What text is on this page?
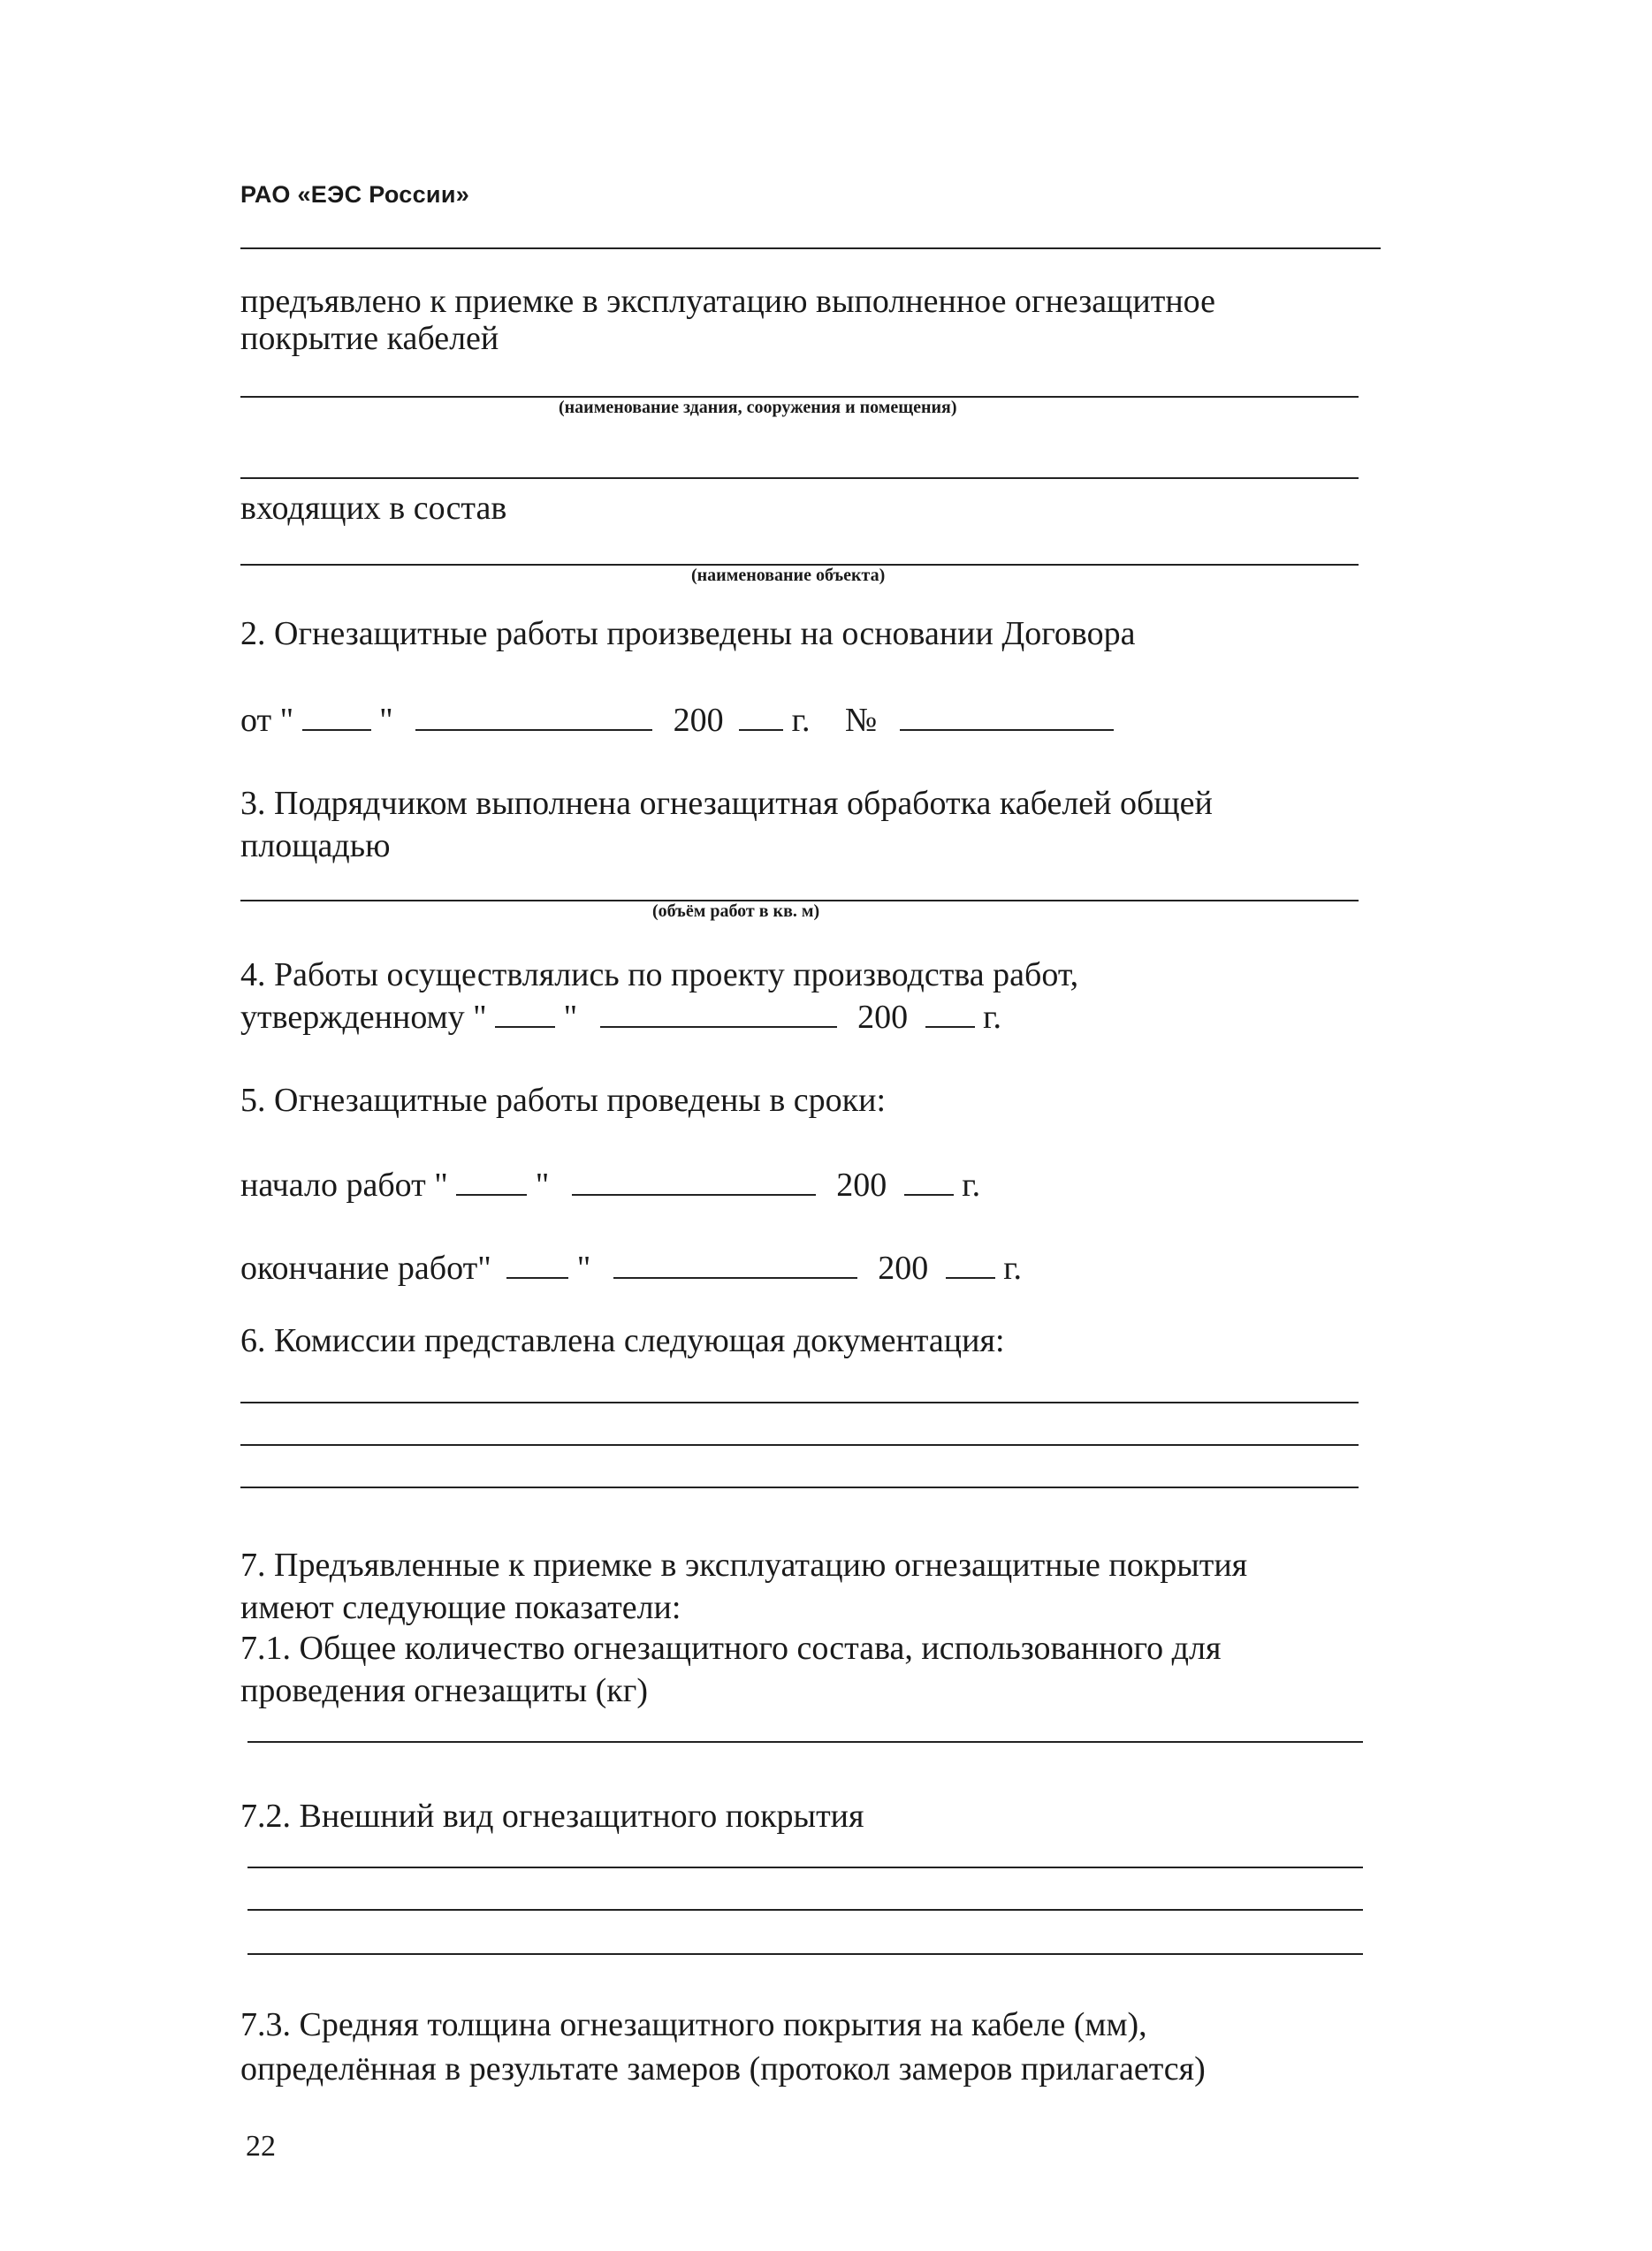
РАО «ЕЭС России»
предъявлено к приемке в эксплуатацию выполненное огнезащитное
покрытие кабелей
(наименование здания, сооружения и помещения)
входящих в состав
(наименование объекта)
2. Огнезащитные работы произведены на основании Договора
от "	"	200 г. №
3. Подрядчиком выполнена огнезащитная обработка кабелей общей
площадью
(объём работ в кв. м)
4. Работы осуществлялись по проекту производства работ,
утвержденному " "	200 г.
5. Огнезащитные работы проведены в сроки:
начало работ "	"	200 г.
окончание работ"	"	200 г.
6. Комиссии представлена следующая документация:
7. Предъявленные к приемке в эксплуатацию огнезащитные покрытия
имеют следующие показатели:
7.1. Общее количество огнезащитного состава, использованного для
проведения огнезащиты (кг)
7.2. Внешний вид огнезащитного покрытия
7.3. Средняя толщина огнезащитного покрытия на кабеле (мм),
определённая в результате замеров (протокол замеров прилагается)
22
